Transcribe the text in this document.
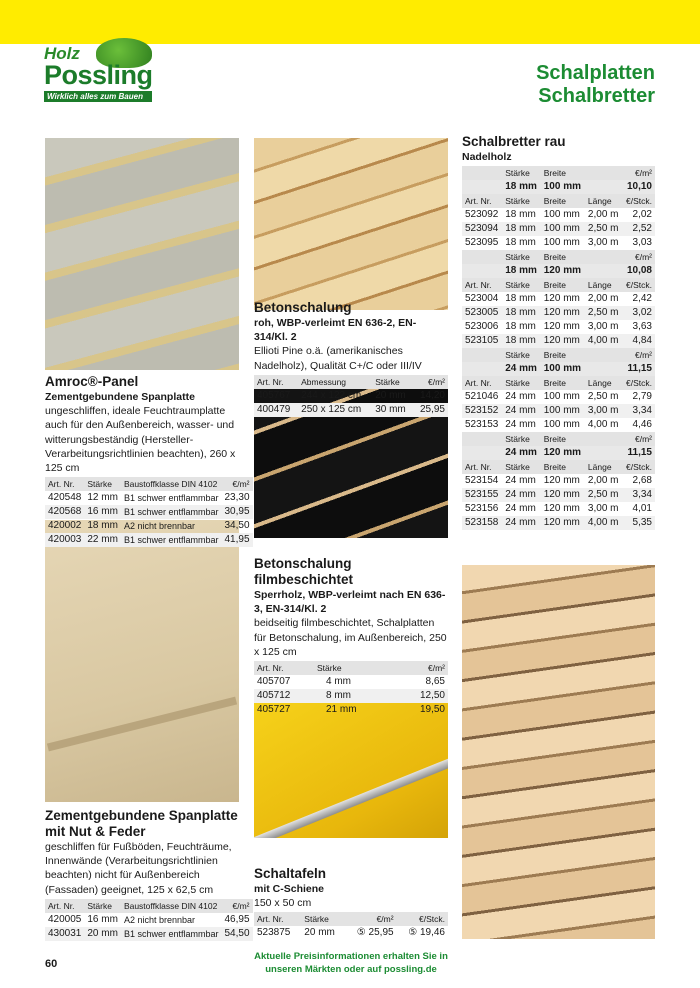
Holz
Possling
Wirklich alles zum Bauen
Schalplatten
Schalbretter
Amroc®-Panel
Zementgebundene Spanplatte
ungeschliffen, ideale Feuchtraumplatte auch für den Außenbereich, wasser- und witterungsbeständig (Hersteller-Verarbeitungsrichtlinien beachten), 260 x 125 cm
Art. Nr.	Stärke	Baustoffklasse DIN 4102	€/m²
420548	12 mm	B1 schwer entflammbar	23,30
420568	16 mm	B1 schwer entflammbar	30,95
420002	18 mm	A2 nicht brennbar	34,50
420003	22 mm	B1 schwer entflammbar	41,95
Zementgebundene Spanplatte
mit Nut & Feder
geschliffen für Fußböden, Feuchträume, Innenwände (Verarbeitungsrichtlinien beachten) nicht für Außenbereich (Fassaden) geeignet, 125 x 62,5 cm
Art. Nr.	Stärke	Baustoffklasse DIN 4102	€/m²
420005	16 mm	A2 nicht brennbar	46,95
430031	20 mm	B1 schwer entflammbar	54,50
Betonschalung
roh, WBP-verleimt EN 636-2, EN-314/Kl. 2
Ellioti Pine o.ä. (amerikanisches Nadelholz), Qualität C+/C oder III/IV
Art. Nr.	Abmessung	Stärke	€/m²
405767	244 x 122 cm	20 mm	14,20
400479	250 x 125 cm	30 mm	25,95
Betonschalung filmbeschichtet
Sperrholz, WBP-verleimt nach EN 636-3, EN-314/Kl. 2
beidseitig filmbeschichtet, Schalplatten für Betonschalung, im Außenbereich, 250 x 125 cm
Art. Nr.	Stärke	€/m²
405707	4 mm	8,65
405712	8 mm	12,50
405727	21 mm	19,50
Schaltafeln
mit C-Schiene
150 x 50 cm
Art. Nr.	Stärke	€/m²	€/Stck.
523875	20 mm	⑤ 25,95	⑤ 19,46
Schalbretter rau
Nadelholz
	Stärke	Breite		€/m²
	18 mm	100 mm		10,10
Art. Nr.	Stärke	Breite	Länge	€/Stck.
523092	18 mm	100 mm	2,00 m	2,02
523094	18 mm	100 mm	2,50 m	2,52
523095	18 mm	100 mm	3,00 m	3,03
	Stärke	Breite		€/m²
	18 mm	120 mm		10,08
Art. Nr.	Stärke	Breite	Länge	€/Stck.
523004	18 mm	120 mm	2,00 m	2,42
523005	18 mm	120 mm	2,50 m	3,02
523006	18 mm	120 mm	3,00 m	3,63
523105	18 mm	120 mm	4,00 m	4,84
	Stärke	Breite		€/m²
	24 mm	100 mm		11,15
Art. Nr.	Stärke	Breite	Länge	€/Stck.
521046	24 mm	100 mm	2,50 m	2,79
523152	24 mm	100 mm	3,00 m	3,34
523153	24 mm	100 mm	4,00 m	4,46
	Stärke	Breite		€/m²
	24 mm	120 mm		11,15
Art. Nr.	Stärke	Breite	Länge	€/Stck.
523154	24 mm	120 mm	2,00 m	2,68
523155	24 mm	120 mm	2,50 m	3,34
523156	24 mm	120 mm	3,00 m	4,01
523158	24 mm	120 mm	4,00 m	5,35
60
Aktuelle Preisinformationen erhalten Sie in
unseren Märkten oder auf possling.de
